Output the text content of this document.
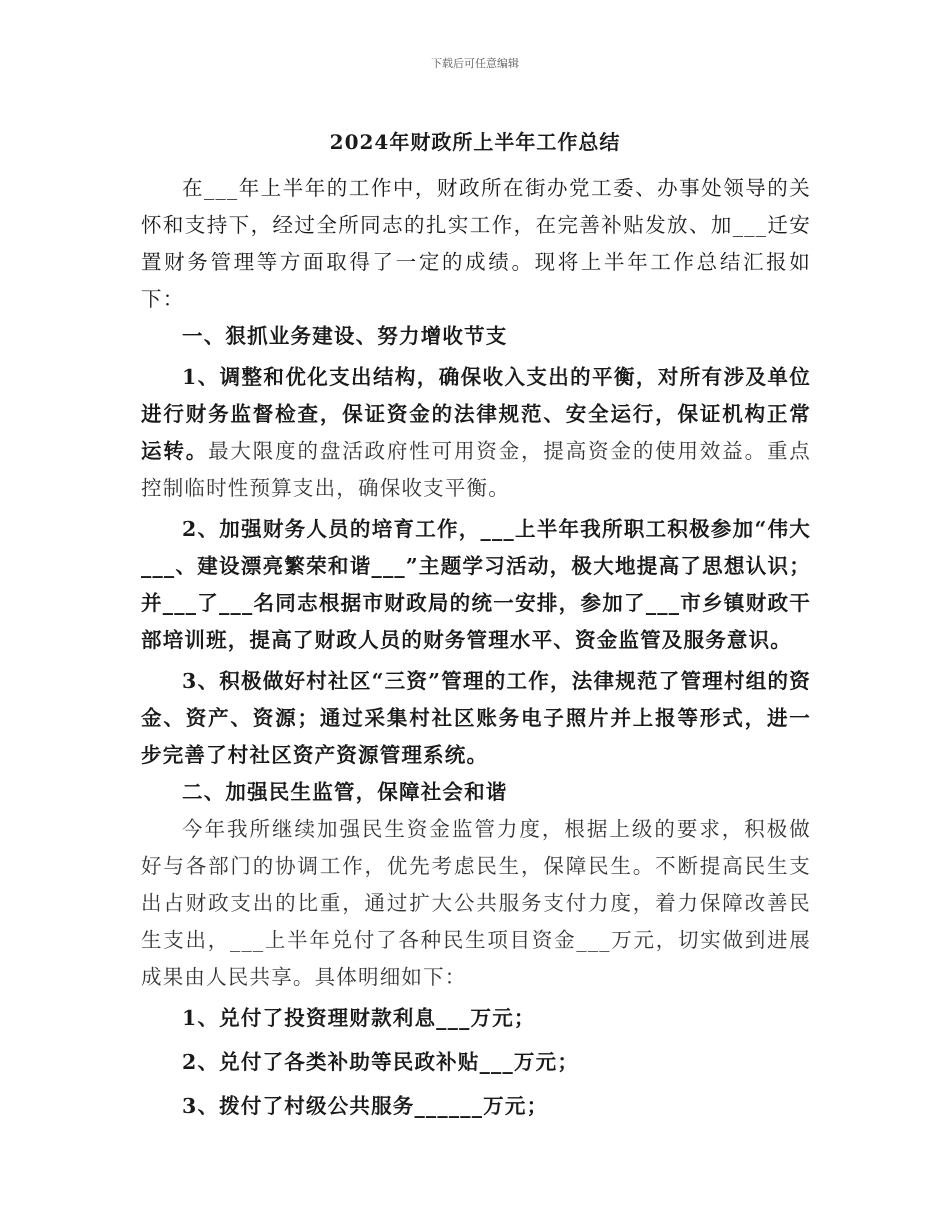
下载后可任意编辑
2024年财政所上半年工作总结

在___年上半年的工作中，财政所在街办党工委、办事处领导的关怀和支持下，经过全所同志的扎实工作，在完善补贴发放、加___迁安置财务管理等方面取得了一定的成绩。现将上半年工作总结汇报如下：

一、狠抓业务建设、努力增收节支

1、调整和优化支出结构，确保收入支出的平衡，对所有涉及单位进行财务监督检查，保证资金的法律规范、安全运行，保证机构正常运转。最大限度的盘活政府性可用资金，提高资金的使用效益。重点控制临时性预算支出，确保收支平衡。

2、加强财务人员的培育工作，___上半年我所职工积极参加“伟大___、建设漂亮繁荣和谐___”主题学习活动，极大地提高了思想认识；并___了___名同志根据市财政局的统一安排，参加了___市乡镇财政干部培训班，提高了财政人员的财务管理水平、资金监管及服务意识。

3、积极做好村社区“三资”管理的工作，法律规范了管理村组的资金、资产、资源；通过采集村社区账务电子照片并上报等形式，进一步完善了村社区资产资源管理系统。

二、加强民生监管，保障社会和谐

今年我所继续加强民生资金监管力度，根据上级的要求，积极做好与各部门的协调工作，优先考虑民生，保障民生。不断提高民生支出占财政支出的比重，通过扩大公共服务支付力度，着力保障改善民生支出，___上半年兑付了各种民生项目资金___万元，切实做到进展成果由人民共享。具体明细如下：

1、兑付了投资理财款利息___万元；

2、兑付了各类补助等民政补贴___万元；

3、拨付了村级公共服务______万元；
